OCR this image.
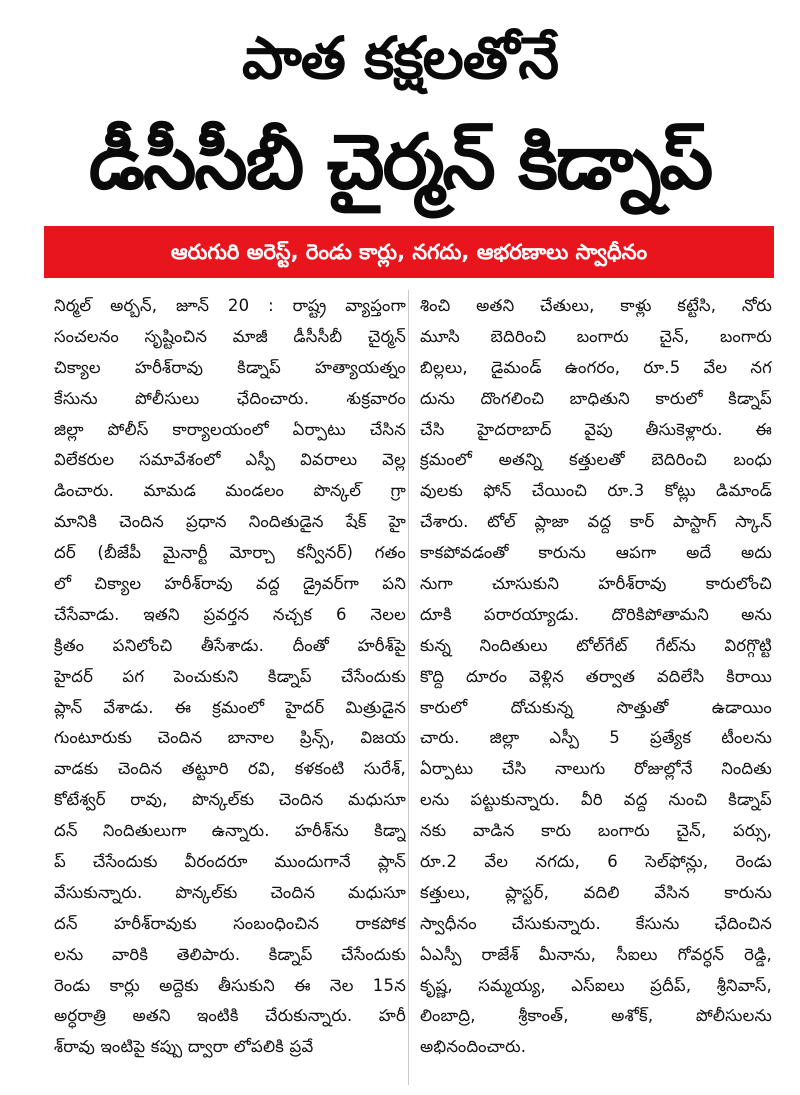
పాత కక్షలతోనే
డీసీసీబీ చైర్మన్ కిడ్నాప్
ఆరుగురి అరెస్ట్, రెండు కార్లు, నగదు, ఆభరణాలు స్వాధీనం
నిర్మల్ అర్బన్, జూన్ 20 : రాష్ట్ర వ్యాప్తంగా
సంచలనం సృష్టించిన మాజీ డీసీసీబీ చైర్మన్
చిక్యాల హరీశ్‌రావు కిడ్నాప్ హత్యాయత్నం
కేసును పోలీసులు ఛేదించారు. శుక్రవారం
జిల్లా పోలీస్ కార్యాలయంలో ఏర్పాటు చేసిన
విలేకరుల సమావేశంలో ఎస్పీ వివరాలు వెల్ల
డించారు. మామడ మండలం పొన్కల్ గ్రా
మానికి చెందిన ప్రధాన నిందితుడైన షేక్ హై
దర్ (బీజేపీ మైనార్టీ మోర్చా కన్వీనర్) గతం
లో చిక్యాల హరీశ్‌రావు వద్ద డ్రైవర్‌గా పని
చేసేవాడు. ఇతని ప్రవర్తన నచ్చక 6 నెలల
క్రితం పనిలోంచి తీసేశాడు. దీంతో హరీశ్‌పై
హైదర్ పగ పెంచుకుని కిడ్నాప్ చేసేందుకు
ప్లాన్ వేశాడు. ఈ క్రమంలో హైదర్ మిత్రుడైన
గుంటూరుకు చెందిన బానాల ప్రిన్స్, విజయ
వాడకు చెందిన తట్టూరి రవి, కళకంటి సురేశ్,
కోటేశ్వర్ రావు, పొన్కల్‌కు చెందిన మధుసూ
దన్ నిందితులుగా ఉన్నారు. హరీశ్‌ను కిడ్నా
ప్ చేసేందుకు వీరందరూ ముందుగానే ప్లాన్
వేసుకున్నారు. పొన్కల్‌కు చెందిన మధుసూ
దన్ హరీశ్‌రావుకు సంబంధించిన రాకపోక
లను వారికి తెలిపారు. కిడ్నాప్ చేసేందుకు
రెండు కార్లు అద్దెకు తీసుకుని ఈ నెల 15న
అర్ధరాత్రి అతని ఇంటికి చేరుకున్నారు. హరీ
శ్‌రావు ఇంటిపై కప్పు ద్వారా లోపలికి ప్రవే
శించి అతని చేతులు, కాళ్లు కట్టేసి, నోరు
మూసి బెదిరించి బంగారు చైన్, బంగారు
బిల్లలు, డైమండ్ ఉంగరం, రూ.5 వేల నగ
దును దొంగలించి బాధితుని కారులో కిడ్నాప్
చేసి హైదరాబాద్ వైపు తీసుకెళ్లారు. ఈ
క్రమంలో అతన్ని కత్తులతో బెదిరించి బంధు
వులకు ఫోన్ చేయించి రూ.3 కోట్లు డిమాండ్
చేశారు. టోల్ ప్లాజా వద్ద కార్ పాస్టాగ్ స్కాన్
కాకపోవడంతో కారును ఆపగా అదే అదు
నుగా చూసుకుని హరీశ్‌రావు కారులోంచి
దూకి పరారయ్యాడు. దొరికిపోతామని అను
కున్న నిందితులు టోల్‌గేట్ గేట్‌ను విరగ్గొట్టి
కొద్ది దూరం వెళ్లిన తర్వాత వదిలేసి కిరాయి
కారులో దోచుకున్న సొత్తుతో ఉడాయిం
చారు. జిల్లా ఎస్పీ 5 ప్రత్యేక టీంలను
ఏర్పాటు చేసి నాలుగు రోజుల్లోనే నిందితు
లను పట్టుకున్నారు. వీరి వద్ద నుంచి కిడ్నాప్
నకు వాడిన కారు బంగారు చైన్, పర్సు,
రూ.2 వేల నగదు, 6 సెల్‌ఫోన్లు, రెండు
కత్తులు, ప్లాస్టర్, వదిలి వేసిన కారును
స్వాధీనం చేసుకున్నారు. కేసును ఛేదించిన
ఏఎస్పీ రాజేశ్ మీనాను, సీఐలు గోవర్ధన్ రెడ్డి,
కృష్ణ, సమ్మయ్య, ఎస్ఐలు ప్రదీప్, శ్రీనివాస్,
లింబాద్రి, శ్రీకాంత్, అశోక్, పోలీసులను
అభినందించారు.
